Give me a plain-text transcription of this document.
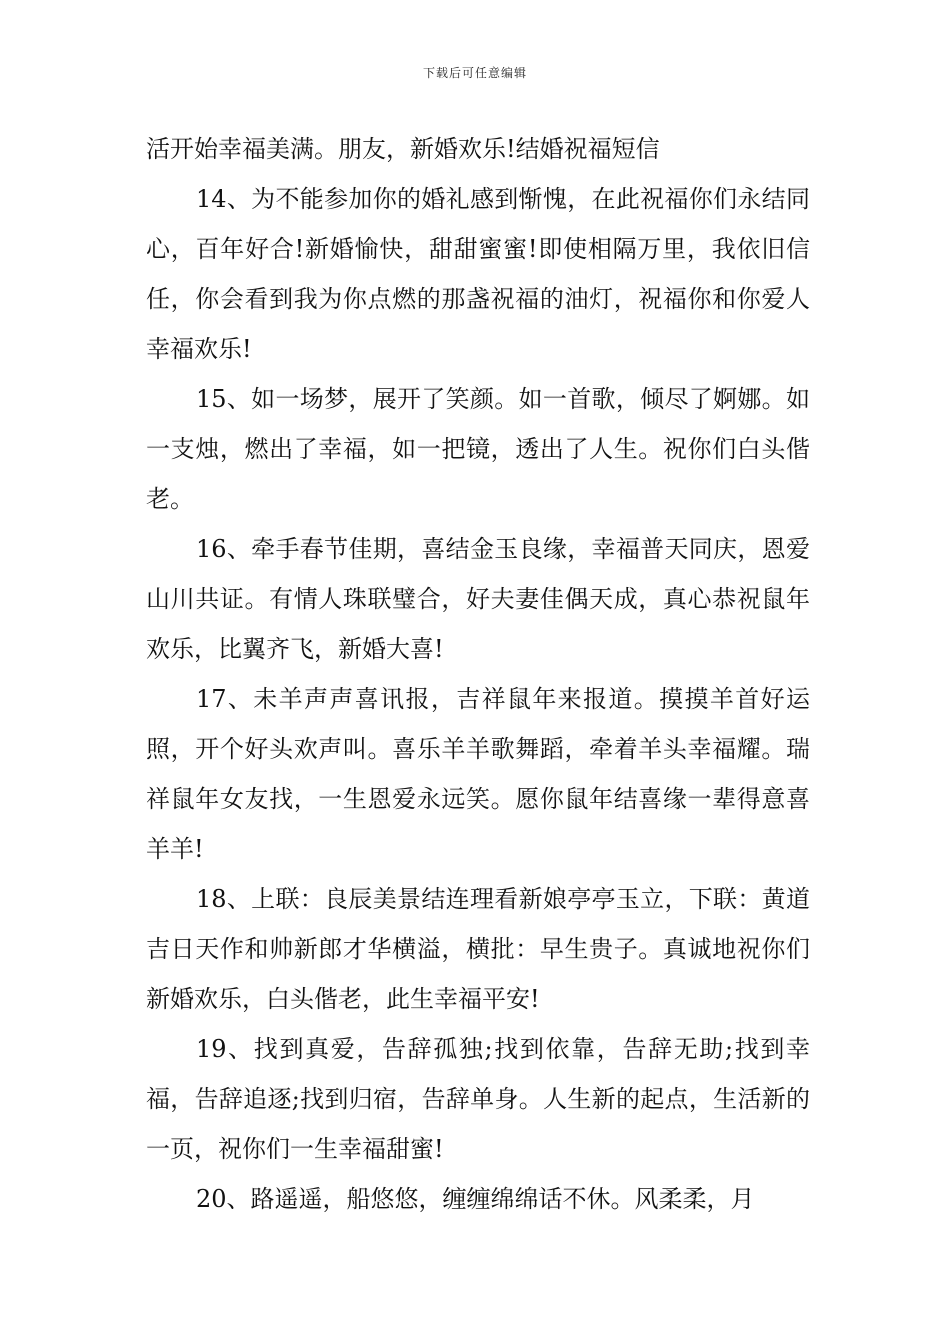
下载后可任意编辑

活开始幸福美满。朋友，新婚欢乐!结婚祝福短信

14、为不能参加你的婚礼感到惭愧，在此祝福你们永结同心，百年好合!新婚愉快，甜甜蜜蜜!即使相隔万里，我依旧信任，你会看到我为你点燃的那盏祝福的油灯，祝福你和你爱人幸福欢乐!

15、如一场梦，展开了笑颜。如一首歌，倾尽了婀娜。如一支烛，燃出了幸福，如一把镜，透出了人生。祝你们白头偕老。

16、牵手春节佳期，喜结金玉良缘，幸福普天同庆，恩爱山川共证。有情人珠联璧合，好夫妻佳偶天成，真心恭祝鼠年欢乐，比翼齐飞，新婚大喜!

17、未羊声声喜讯报，吉祥鼠年来报道。摸摸羊首好运照，开个好头欢声叫。喜乐羊羊歌舞蹈，牵着羊头幸福耀。瑞祥鼠年女友找，一生恩爱永远笑。愿你鼠年结喜缘一辈得意喜羊羊!

18、上联：良辰美景结连理看新娘亭亭玉立，下联：黄道吉日天作和帅新郎才华横溢，横批：早生贵子。真诚地祝你们新婚欢乐，白头偕老，此生幸福平安!

19、找到真爱，告辞孤独;找到依靠，告辞无助;找到幸福，告辞追逐;找到归宿，告辞单身。人生新的起点，生活新的一页，祝你们一生幸福甜蜜!

20、路遥遥，船悠悠，缠缠绵绵话不休。风柔柔，月
